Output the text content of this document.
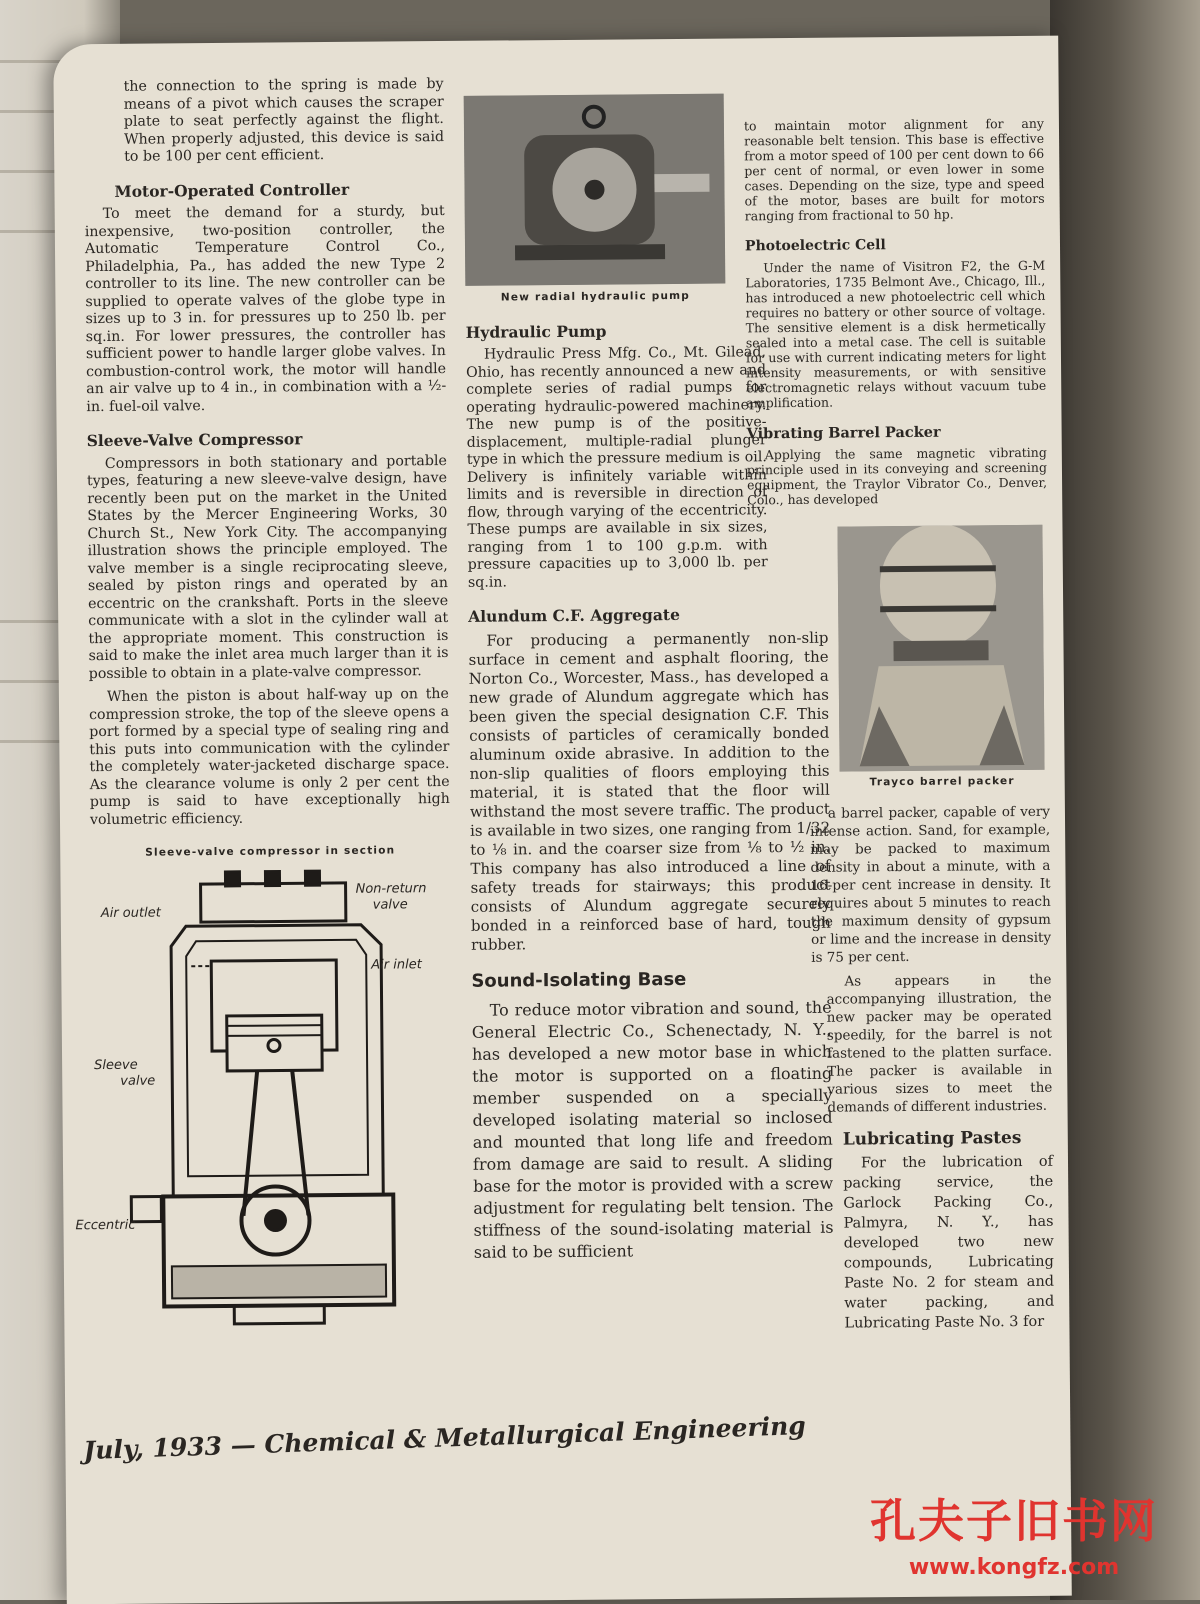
the connection to the spring is made by means of a pivot which causes the scraper plate to seat perfectly against the flight. When properly adjusted, this device is said to be 100 per cent efficient.

Motor-Operated Controller

To meet the demand for a sturdy, but inexpensive, two-position controller, the Automatic Temperature Control Co., Philadelphia, Pa., has added the new Type 2 controller to its line. The new controller can be supplied to operate valves of the globe type in sizes up to 3 in. for pressures up to 250 lb. per sq.in. For lower pressures, the controller has sufficient power to handle larger globe valves. In combustion-control work, the motor will handle an air valve up to 4 in., in combination with a ½-in. fuel-oil valve.

Sleeve-Valve Compressor

Compressors in both stationary and portable types, featuring a new sleeve-valve design, have recently been put on the market in the United States by the Mercer Engineering Works, 30 Church St., New York City. The accompanying illustration shows the principle employed. The valve member is a single reciprocating sleeve, sealed by piston rings and operated by an eccentric on the crankshaft. Ports in the sleeve communicate with a slot in the cylinder wall at the appropriate moment. This construction is said to make the inlet area much larger than it is possible to obtain in a plate-valve compressor.

When the piston is about half-way up on the compression stroke, the top of the sleeve opens a port formed by a special type of sealing ring and this puts into communication with the cylinder the completely water-jacketed discharge space. As the clearance volume is only 2 per cent the pump is said to have exceptionally high volumetric efficiency.

Sleeve-valve compressor in section
Air outlet
Non-return
valve
Air inlet
Sleeve
valve
Eccentric
New radial hydraulic pump
Hydraulic Pump

Hydraulic Press Mfg. Co., Mt. Gilead, Ohio, has recently announced a new and complete series of radial pumps for operating hydraulic-powered machinery. The new pump is of the positive-displacement, multiple-radial plunger type in which the pressure medium is oil. Delivery is infinitely variable within limits and is reversible in direction of flow, through varying of the eccentricity. These pumps are available in six sizes, ranging from 1 to 100 g.p.m. with pressure capacities up to 3,000 lb. per sq.in.

Alundum C.F. Aggregate

For producing a permanently non-slip surface in cement and asphalt flooring, the Norton Co., Worcester, Mass., has developed a new grade of Alundum aggregate which has been given the special designation C.F. This consists of particles of ceramically bonded aluminum oxide abrasive. In addition to the non-slip qualities of floors employing this material, it is stated that the floor will withstand the most severe traffic. The product is available in two sizes, one ranging from 1/32 to ⅛ in. and the coarser size from ⅛ to ½ in. This company has also introduced a line of safety treads for stairways; this product consists of Alundum aggregate securely bonded in a reinforced base of hard, tough rubber.

Sound-Isolating Base

To reduce motor vibration and sound, the General Electric Co., Schenectady, N. Y., has developed a new motor base in which the motor is supported on a floating member suspended on a specially developed isolating material so inclosed and mounted that long life and freedom from damage are said to result. A sliding base for the motor is provided with a screw adjustment for regulating belt tension. The stiffness of the sound-isolating material is said to be sufficient

to maintain motor alignment for any reasonable belt tension. This base is effective from a motor speed of 100 per cent down to 66 per cent of normal, or even lower in some cases. Depending on the size, type and speed of the motor, bases are built for motors ranging from fractional to 50 hp.

Photoelectric Cell

Under the name of Visitron F2, the G-M Laboratories, 1735 Belmont Ave., Chicago, Ill., has introduced a new photoelectric cell which requires no battery or other source of voltage. The sensitive element is a disk hermetically sealed into a metal case. The cell is suitable for use with current indicating meters for light intensity measurements, or with sensitive electromagnetic relays without vacuum tube amplification.

Vibrating Barrel Packer

Applying the same magnetic vibrating principle used in its conveying and screening equipment, the Traylor Vibrator Co., Denver, Colo., has developed

Trayco barrel packer

a barrel packer, capable of very intense action. Sand, for example, may be packed to maximum density in about a minute, with a 16-per cent increase in density. It requires about 5 minutes to reach the maximum density of gypsum or lime and the increase in density is 75 per cent.

As appears in the accompanying illustration, the new packer may be operated speedily, for the barrel is not fastened to the platten surface. The packer is available in various sizes to meet the demands of different industries.

Lubricating Pastes

For the lubrication of packing service, the Garlock Packing Co., Palmyra, N. Y., has developed two new compounds, Lubricating Paste No. 2 for steam and water packing, and Lubricating Paste No. 3 for

July, 1933 — Chemical & Metallurgical Engineering
孔夫子旧书网
www.kongfz.com
